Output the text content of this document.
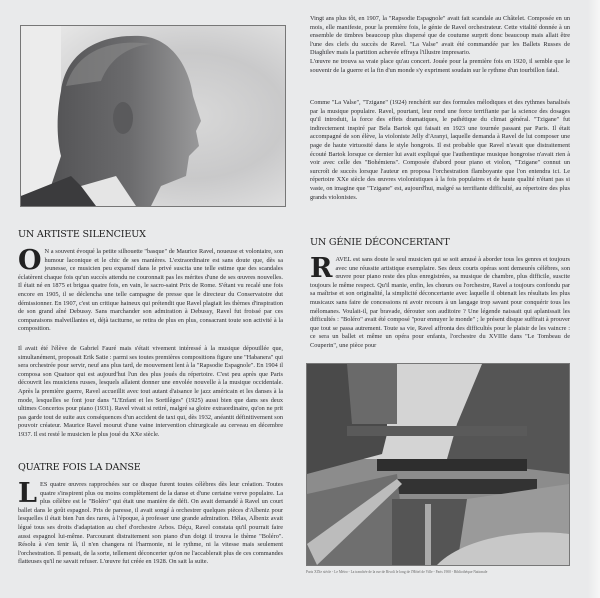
Vingt ans plus tôt, en 1907, la "Rapsodie Espagnole" avait fait scandale au Châtelet. Composée en un mois, elle manifeste, pour la première fois, le génie de Ravel orchestrateur. Cette vitalité donnée à un ensemble de timbres beaucoup plus dispersé que de coutume surprit donc beaucoup mais allait être l'une des clefs du succès de Ravel. "La Valse" avait été commandée par les Ballets Russes de Diaghilev mais la partition achevée effraya l'illustre impresario.
L'œuvre ne trouva sa vraie place qu'au concert. Jouée pour la première fois en 1920, il semble que le souvenir de la guerre et la fin d'un monde s'y expriment soudain sur le rythme d'un tourbillon fatal.
Comme "La Valse", "Tzigane" (1924) renchérit sur des formules mélodiques et des rythmes banalisés par la musique populaire. Ravel, pourtant, leur rend une force terrifiante par la science des dosages qu'il introduit, la force des effets dramatiques, le pathétique du climat général. "Tzigane" fut indirectement inspiré par Bela Bartok qui faisait en 1923 une tournée passant par Paris. Il était accompagné de son élève, la violoniste Jelly d'Aranyi, laquelle demanda à Ravel de lui composer une page de haute virtuosité dans le style hongrois. Il est probable que Ravel n'avait que distraitement écouté Bartok lorsque ce dernier lui avait expliqué que l'authentique musique hongroise n'avait rien à voir avec celle des "Bohémiens". Composée d'abord pour piano et violon, "Tzigane" connut un surcroît de succès lorsque l'auteur en proposa l'orchestration flamboyante que l'on entendra ici. Le répertoire XXe siècle des œuvres violonistiques à la fois populaires et de haute qualité n'étant pas si vaste, on imagine que "Tzigane" est, aujourd'hui, malgré sa terrifiante difficulté, au répertoire des plus grands violonistes.
UN GÉNIE DÉCONCERTANT
R AVEL est sans doute le seul musicien qui se soit amusé à aborder tous les genres et toujours avec une réussite artistique exemplaire. Ses deux courts opéras sont demeurés célèbres, son œuvre pour piano reste des plus enregistrées, sa musique de chambre, plus difficile, suscite toujours le même respect. Qu'il manie, enfin, les chœurs ou l'orchestre, Ravel a toujours confondu par sa maîtrise et son originalité, la simplicité déconcertante avec laquelle il obtenait les résultats les plus musicaux sans faire de concessions ni avoir recours à un langage trop savant pour conquérir tous les mélomanes. Voulait-il, par bravade, dérouter son auditoire ? Une légende naissait qui aplanissait les difficultés : "Boléro" avait été composé "pour ennuyer le monde" ; le présent disque suffirait à prouver que tout se passa autrement. Toute sa vie, Ravel affronta des difficultés pour le plaisir de les vaincre : ce sera un ballet et même un opéra pour enfants, l'orchestre du XVIIIe dans "Le Tombeau de Couperin", une pièce pour
Paris XIXe siècle - Le Métro - La tranchée de la rue de Rivoli le long de l'Hôtel de Ville - Paris 1900 - Bibliothèque Nationale
UN ARTISTE SILENCIEUX
O N a souvent évoqué la petite silhouette "basque" de Maurice Ravel, noueuse et volontaire, son humour laconique et le chic de ses manières. L'extraordinaire est sans doute que, dès sa jeunesse, ce musicien peu expansif dans le privé suscita une telle estime que des scandales éclatèrent chaque fois qu'un succès attendu ne couronnait pas les mérites d'une de ses œuvres nouvelles. Il était né en 1875 et brigua quatre fois, en vain, le sacro-saint Prix de Rome. S'étant vu recalé une fois encore en 1905, il se déclencha une telle campagne de presse que le directeur du Conservatoire dut démissionner. En 1907, c'est un critique haineux qui prétendit que Ravel plagiait les thèmes d'inspiration de son grand aîné Debussy. Sans marchander son admiration à Debussy, Ravel fut froissé par ces comparaisons malveillantes et, déjà taciturne, se retira de plus en plus, consacrant toute son activité à la composition.
Il avait été l'élève de Gabriel Fauré mais s'était vivement intéressé à la musique dépouillée que, simultanément, proposait Erik Satie : parmi ses toutes premières compositions figure une "Habanera" qui sera orchestrée pour servir, neuf ans plus tard, de mouvement lent à la "Rapsodie Espagnole". En 1904 il composa son Quatuor qui est aujourd'hui l'un des plus joués du répertoire. C'est peu après que Paris découvrit les musiciens russes, lesquels allaient donner une envolée nouvelle à la musique occidentale. Après la première guerre, Ravel accueillit avec tout autant d'aisance le jazz américain et les danses à la mode, lesquelles se font jour dans "L'Enfant et les Sortilèges" (1925) aussi bien que dans ses deux ultimes Concertos pour piano (1931). Ravel vivait si retiré, malgré sa gloire extraordinaire, qu'on ne prit pas garde tout de suite aux conséquences d'un accident de taxi qui, dès 1932, anéantit définitivement son pouvoir créateur. Maurice Ravel mourut d'une vaine intervention chirurgicale au cerveau en décembre 1937. Il est resté le musicien le plus joué du XXe siècle.
QUATRE FOIS LA DANSE
L ES quatre œuvres rapprochées sur ce disque furent toutes célèbres dès leur création. Toutes quatre s'inspirent plus ou moins complètement de la danse et d'une certaine verve populaire. La plus célèbre est le "Boléro" qui était une manière de défi. On avait demandé à Ravel un court ballet dans le goût espagnol. Pris de paresse, il avait songé à orchestrer quelques pièces d'Albeniz pour lesquelles il était bien l'un des rares, à l'époque, à professer une grande admiration. Hélas, Albeniz avait légué tous ses droits d'adaptation au chef d'orchestre Arbos. Déçu, Ravel constata qu'il pourrait faire aussi espagnol lui-même. Parcourant distraitement son piano d'un doigt il trouva le thème "Boléro". Résolu à s'en tenir là, il n'en changera ni l'harmonie, ni le rythme, ni la vitesse mais seulement l'orchestration. Il pensait, de la sorte, tellement déconcerter qu'on ne l'accablerait plus de ces commandes flatteuses qu'il ne savait refuser. L'œuvre fut créée en 1928. On sait la suite.
